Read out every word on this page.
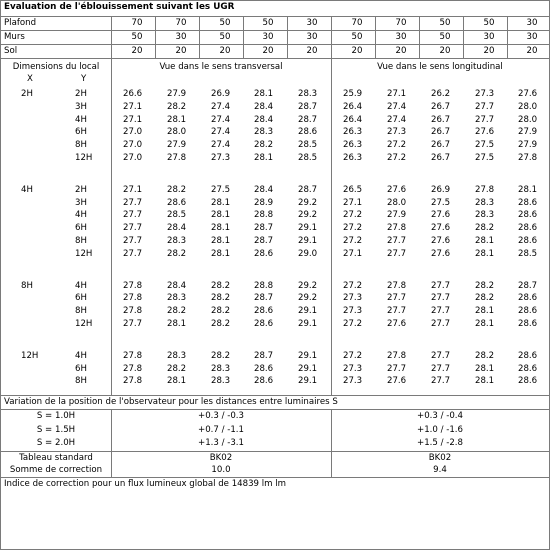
Evaluation de l'éblouissement suivant les UGR
Plafond	70	70	50	50	30	70	70	50	50	30
Murs	50	30	50	30	30	50	30	50	30	30
Sol	20	20	20	20	20	20	20	20	20	20
Dimensions du local
X	Y
Vue dans le sens transversal	Vue dans le sens longitudinal
2H	2H	26.6	27.9	26.9	28.1	28.3	25.9	27.1	26.2	27.3	27.6
3H	27.1	28.2	27.4	28.4	28.7	26.4	27.4	26.7	27.7	28.0
4H	27.1	28.1	27.4	28.4	28.7	26.4	27.4	26.7	27.7	28.0
6H	27.0	28.0	27.4	28.3	28.6	26.3	27.3	26.7	27.6	27.9
8H	27.0	27.9	27.4	28.2	28.5	26.3	27.2	26.7	27.5	27.9
12H	27.0	27.8	27.3	28.1	28.5	26.3	27.2	26.7	27.5	27.8
4H	2H	27.1	28.2	27.5	28.4	28.7	26.5	27.6	26.9	27.8	28.1
3H	27.7	28.6	28.1	28.9	29.2	27.1	28.0	27.5	28.3	28.6
4H	27.7	28.5	28.1	28.8	29.2	27.2	27.9	27.6	28.3	28.6
6H	27.7	28.4	28.1	28.7	29.1	27.2	27.8	27.6	28.2	28.6
8H	27.7	28.3	28.1	28.7	29.1	27.2	27.7	27.6	28.1	28.6
12H	27.7	28.2	28.1	28.6	29.0	27.1	27.7	27.6	28.1	28.5
8H	4H	27.8	28.4	28.2	28.8	29.2	27.2	27.8	27.7	28.2	28.7
6H	27.8	28.3	28.2	28.7	29.2	27.3	27.7	27.7	28.2	28.6
8H	27.8	28.2	28.2	28.6	29.1	27.3	27.7	27.7	28.1	28.6
12H	27.7	28.1	28.2	28.6	29.1	27.2	27.6	27.7	28.1	28.6
12H	4H	27.8	28.3	28.2	28.7	29.1	27.2	27.8	27.7	28.2	28.6
6H	27.8	28.2	28.3	28.6	29.1	27.3	27.7	27.7	28.1	28.6
8H	27.8	28.1	28.3	28.6	29.1	27.3	27.6	27.7	28.1	28.6
Variation de la position de l'observateur pour les distances entre luminaires S
S = 1.0H	+0.3 / -0.3	+0.3 / -0.4
S = 1.5H	+0.7 / -1.1	+1.0 / -1.6
S = 2.0H	+1.3 / -3.1	+1.5 / -2.8
Tableau standard	BK02	BK02
Somme de correction	10.0	9.4
Indice de correction pour un flux lumineux global de 14839 lm lm
